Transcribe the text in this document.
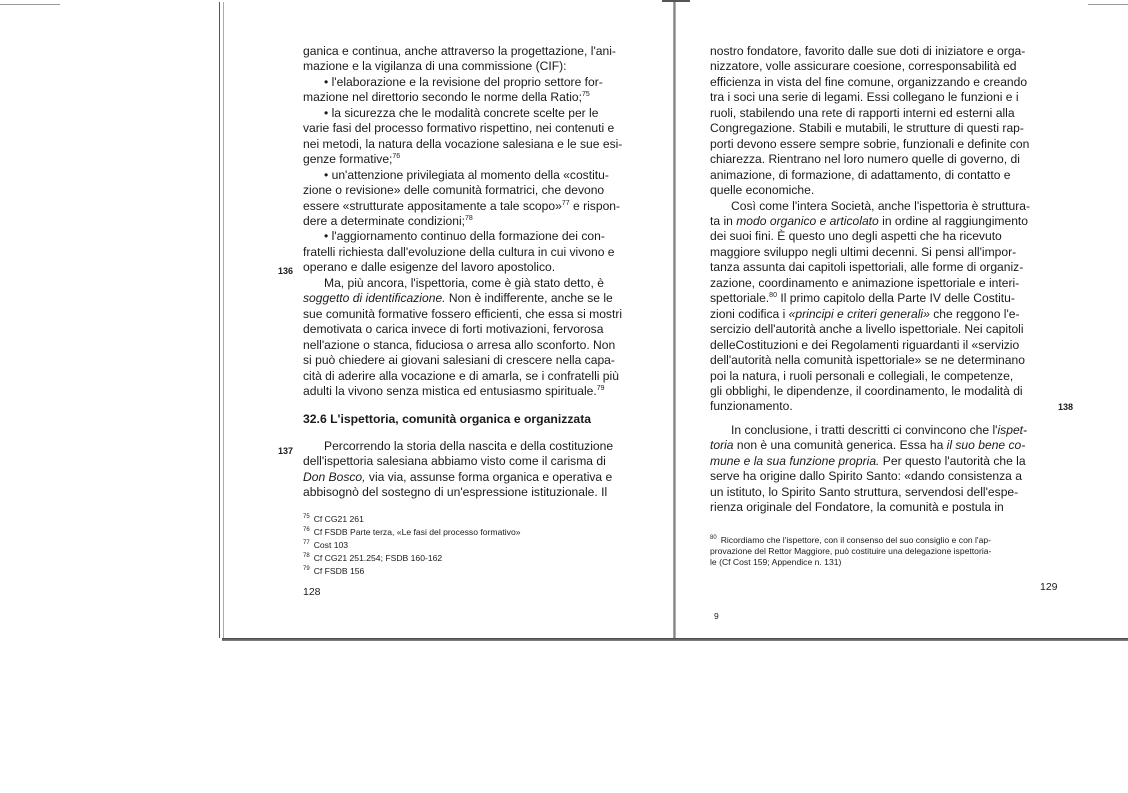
ganica e continua, anche attraverso la progettazione, l'ani-

mazione e la vigilanza di una commissione (CIF):

• l'elaborazione e la revisione del proprio settore for-

mazione nel direttorio secondo le norme della Ratio;$^{75}$

• la sicurezza che le modalità concrete scelte per le

varie fasi del processo formativo rispettino, nei contenuti e

nei metodi, la natura della vocazione salesiana e le sue esi-

genze formative;$^{76}$

• un'attenzione privilegiata al momento della «costitu-

zione o revisione» delle comunità formatrici, che devono

essere «strutturate appositamente a tale scopo»$^{77}$ e rispon-

dere a determinate condizioni;$^{78}$

• l'aggiornamento continuo della formazione dei con-

fratelli richiesta dall'evoluzione della cultura in cui vivono e

operano e dalle esigenze del lavoro apostolico.

Ma, più ancora, l'ispettoria, come è già stato detto, è

soggetto di identificazione. Non è indifferente, anche se le

sue comunità formative fossero efficienti, che essa si mostri

demotivata o carica invece di forti motivazioni, fervorosa

nell'azione o stanca, fiduciosa o arresa allo sconforto. Non

si può chiedere ai giovani salesiani di crescere nella capa-

cità di aderire alla vocazione e di amarla, se i confratelli più

adulti la vivono senza mistica ed entusiasmo spirituale.$^{79}$

32.6 L'ispettoria, comunità organica e organizzata

Percorrendo la storia della nascita e della costituzione

dell'ispettoria salesiana abbiamo visto come il carisma di

Don Bosco, via via, assunse forma organica e operativa e

abbisognò del sostegno di un'espressione istituzionale. Il

136
137
$^{75}$ Cf CG21 261
$^{76}$ Cf FSDB Parte terza, «Le fasi del processo formativo»
$^{77}$ Cost 103
$^{78}$ Cf CG21 251.254; FSDB 160-162
$^{79}$ Cf FSDB 156
128

nostro fondatore, favorito dalle sue doti di iniziatore e orga-

nizzatore, volle assicurare coesione, corresponsabilità ed

efficienza in vista del fine comune, organizzando e creando

tra i soci una serie di legami. Essi collegano le funzioni e i

ruoli, stabilendo una rete di rapporti interni ed esterni alla

Congregazione. Stabili e mutabili, le strutture di questi rap-

porti devono essere sempre sobrie, funzionali e definite con

chiarezza. Rientrano nel loro numero quelle di governo, di

animazione, di formazione, di adattamento, di contatto e

quelle economiche.

Così come l'intera Società, anche l'ispettoria è struttura-

ta in modo organico e articolato in ordine al raggiungimento

dei suoi fini. È questo uno degli aspetti che ha ricevuto

maggiore sviluppo negli ultimi decenni. Si pensi all'impor-

tanza assunta dai capitoli ispettoriali, alle forme di organiz-

zazione, coordinamento e animazione ispettoriale e interi-

spettoriale.$^{80}$ Il primo capitolo della Parte IV delle Costitu-

zioni codifica i «principi e criteri generali» che reggono l'e-

sercizio dell'autorità anche a livello ispettoriale. Nei capitoli

delleCostituzioni e dei Regolamenti riguardanti il «servizio

dell'autorità nella comunità ispettoriale» se ne determinano

poi la natura, i ruoli personali e collegiali, le competenze,

gli obblighi, le dipendenze, il coordinamento, le modalità di

funzionamento.

In conclusione, i tratti descritti ci convincono che l'ispet-

toria non è una comunità generica. Essa ha il suo bene co-

mune e la sua funzione propria. Per questo l'autorità che la

serve ha origine dallo Spirito Santo: «dando consistenza a

un istituto, lo Spirito Santo struttura, servendosi dell'espe-

rienza originale del Fondatore, la comunità e postula in

138
$^{80}$ Ricordiamo che l'ispettore, con il consenso del suo consiglio e con l'ap-
provazione del Rettor Maggiore, può costituire una delegazione ispettoria-
le (Cf Cost 159; Appendice n. 131)
129
9
